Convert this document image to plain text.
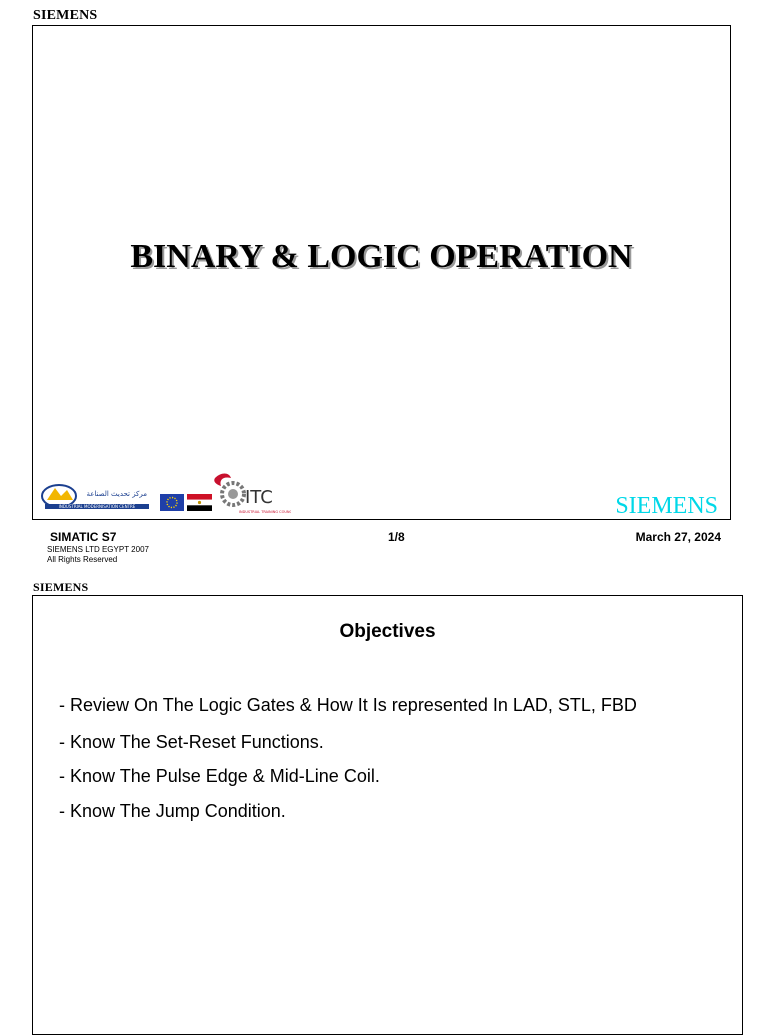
SIEMENS
BINARY & LOGIC OPERATION
مركز تحديث الصناعة
INDUSTRIAL MODERNISATION CENTRE	ITC
INDUSTRIAL TRAINING COUNCIL	SIEMENS
SIMATIC S7
SIEMENS LTD EGYPT 2007
All Rights Reserved
1/8	March 27, 2024
SIEMENS
Objectives
- Review On The Logic Gates & How It Is represented In LAD, STL, FBD
- Know The Set-Reset Functions.
- Know The Pulse Edge & Mid-Line Coil.
- Know The Jump Condition.
